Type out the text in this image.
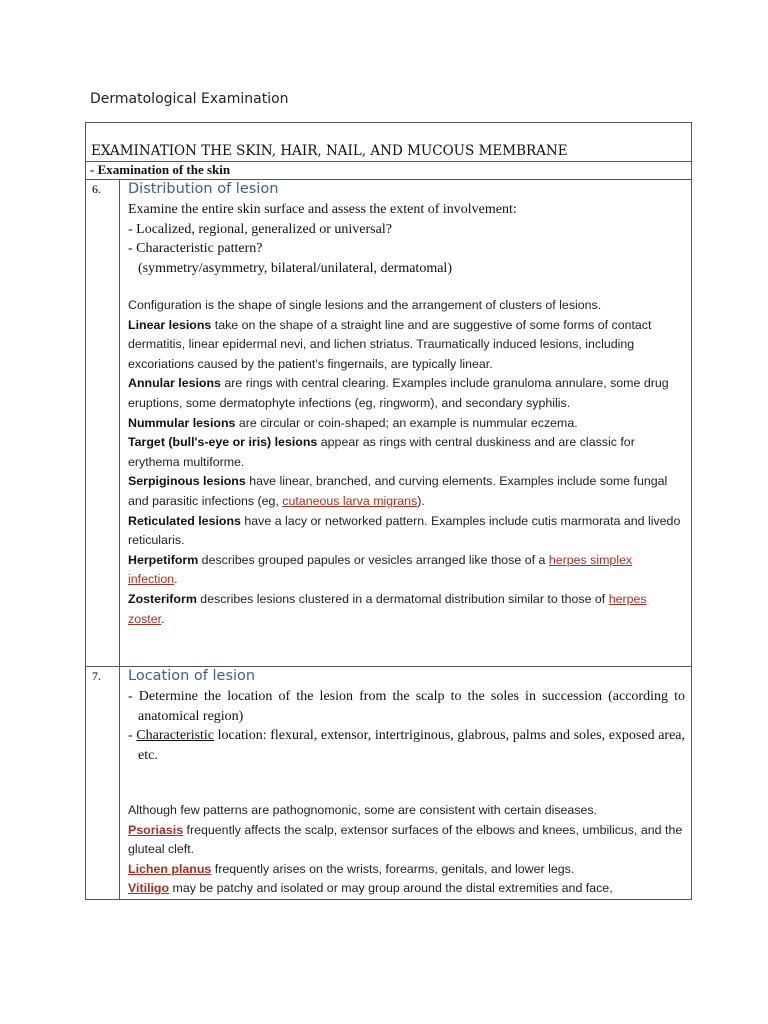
Dermatological Examination
EXAMINATION THE SKIN, HAIR, NAIL, AND MUCOUS MEMBRANE
- Examination of the skin
6.	Distribution of lesion
Examine the entire skin surface and assess the extent of involvement:
- Localized, regional, generalized or universal?
- Characteristic pattern?
(symmetry/asymmetry, bilateral/unilateral, dermatomal)
Configuration is the shape of single lesions and the arrangement of clusters of lesions.
Linear lesions take on the shape of a straight line and are suggestive of some forms of contact dermatitis, linear epidermal nevi, and lichen striatus. Traumatically induced lesions, including excoriations caused by the patient's fingernails, are typically linear.
Annular lesions are rings with central clearing. Examples include granuloma annulare, some drug eruptions, some dermatophyte infections (eg, ringworm), and secondary syphilis.
Nummular lesions are circular or coin-shaped; an example is nummular eczema.
Target (bull's-eye or iris) lesions appear as rings with central duskiness and are classic for erythema multiforme.
Serpiginous lesions have linear, branched, and curving elements. Examples include some fungal and parasitic infections (eg, cutaneous larva migrans).
Reticulated lesions have a lacy or networked pattern. Examples include cutis marmorata and livedo reticularis.
Herpetiform describes grouped papules or vesicles arranged like those of a herpes simplex infection.
Zosteriform describes lesions clustered in a dermatomal distribution similar to those of herpes zoster.
7.	Location of lesion
- Determine the location of the lesion from the scalp to the soles in succession (according to anatomical region)
- Characteristic location: flexural, extensor, intertriginous, glabrous, palms and soles, exposed area, etc.
Although few patterns are pathognomonic, some are consistent with certain diseases.
Psoriasis frequently affects the scalp, extensor surfaces of the elbows and knees, umbilicus, and the gluteal cleft.
Lichen planus frequently arises on the wrists, forearms, genitals, and lower legs.
Vitiligo may be patchy and isolated or may group around the distal extremities and face,
